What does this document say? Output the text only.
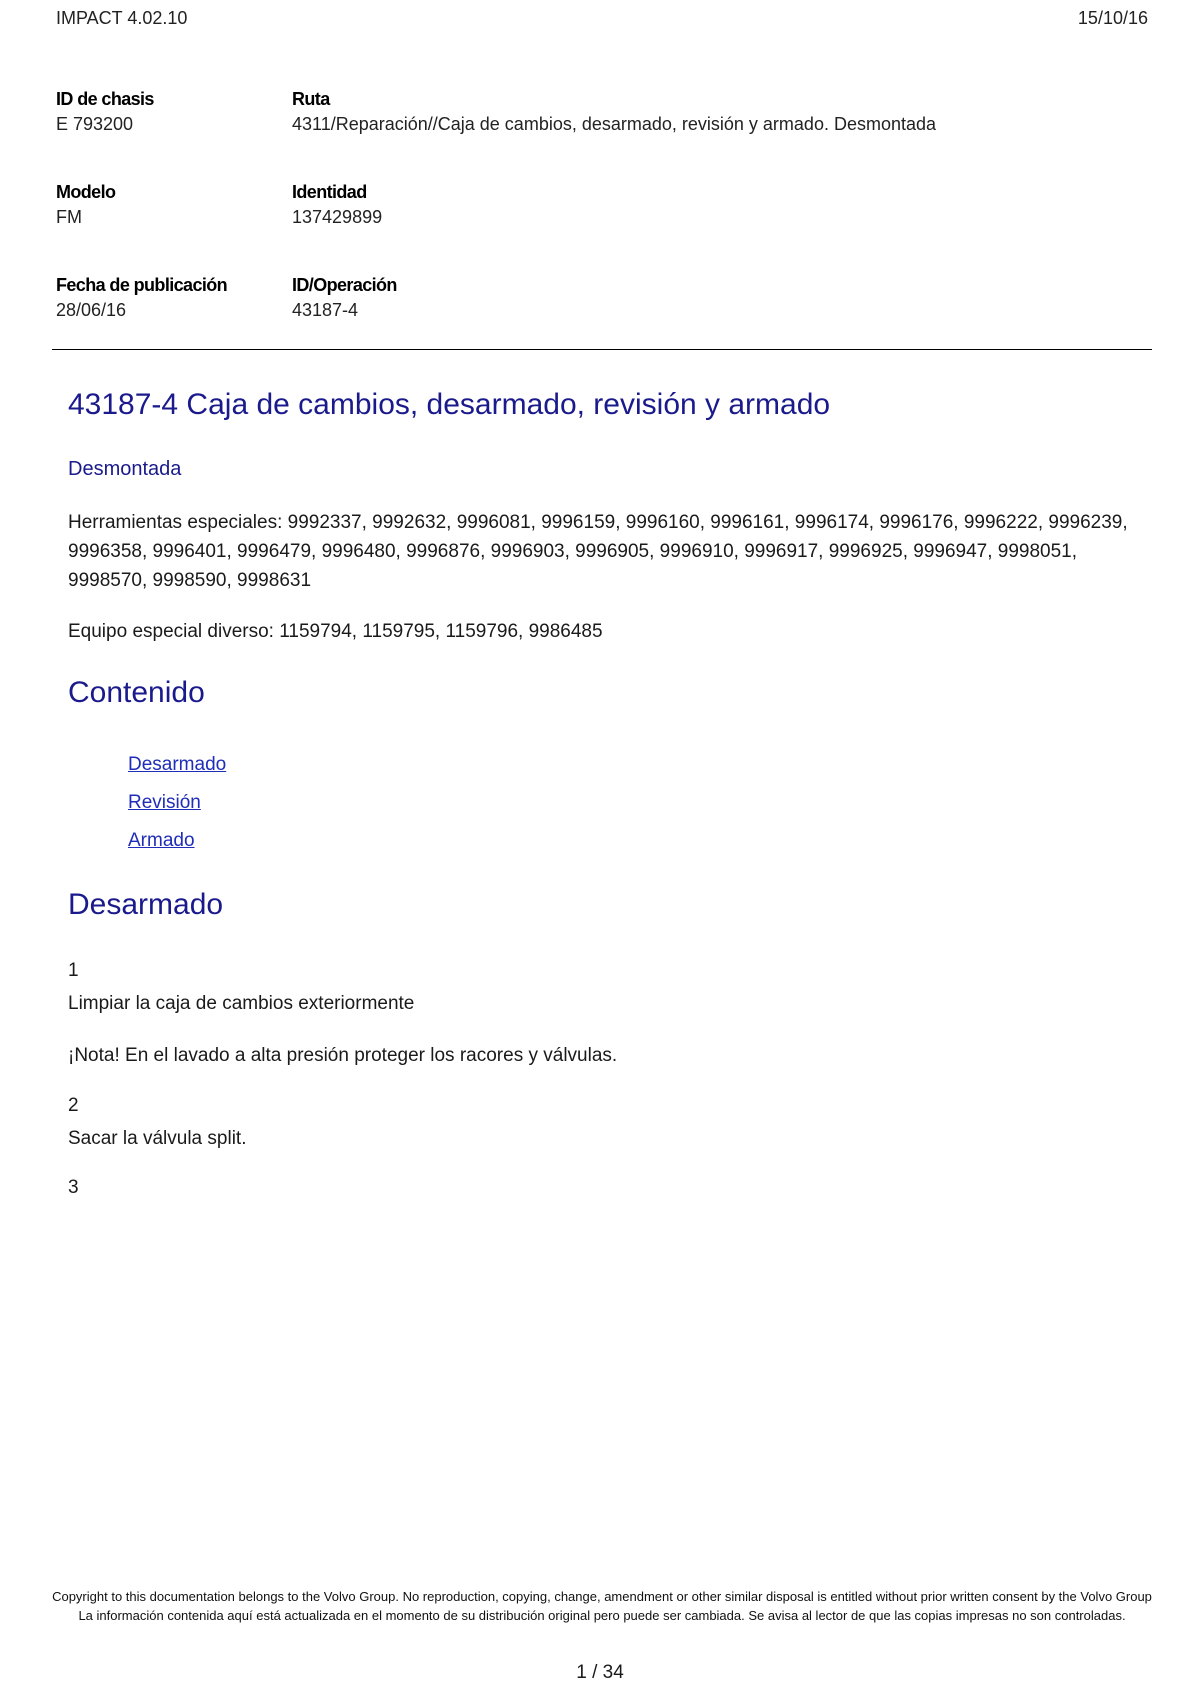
IMPACT 4.02.10	15/10/16
ID de chasis
E 793200
Ruta
4311/Reparación//Caja de cambios, desarmado, revisión y armado. Desmontada
Modelo
FM
Identidad
137429899
Fecha de publicación
28/06/16
ID/Operación
43187-4
43187-4 Caja de cambios, desarmado, revisión y armado
Desmontada

Herramientas especiales: 9992337, 9992632, 9996081, 9996159, 9996160, 9996161, 9996174, 9996176, 9996222, 9996239, 9996358, 9996401, 9996479, 9996480, 9996876, 9996903, 9996905, 9996910, 9996917, 9996925, 9996947, 9998051, 9998570, 9998590, 9998631

Equipo especial diverso: 1159794, 1159795, 1159796, 9986485

Contenido
Desarmado
Revisión
Armado
Desarmado
1

Limpiar la caja de cambios exteriormente

¡Nota! En el lavado a alta presión proteger los racores y válvulas.

2

Sacar la válvula split.

3
Copyright to this documentation belongs to the Volvo Group. No reproduction, copying, change, amendment or other similar disposal is entitled without prior written consent by the Volvo Group
La información contenida aquí está actualizada en el momento de su distribución original pero puede ser cambiada. Se avisa al lector de que las copias impresas no son controladas.
1 / 34
